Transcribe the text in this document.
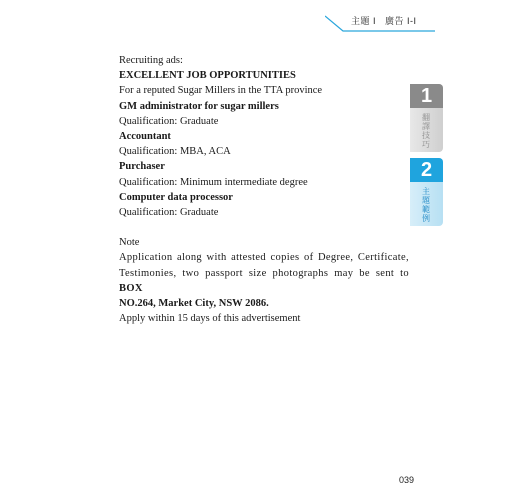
主題 I 廣告 I-I
Recruiting ads:
EXCELLENT JOB OPPORTUNITIES
For a reputed Sugar Millers in the TTA province
GM administrator for sugar millers
Qualification: Graduate
Accountant
Qualification: MBA, ACA
Purchaser
Qualification: Minimum intermediate degree
Computer data processor
Qualification: Graduate
Note
Application along with attested copies of Degree, Certificate,
Testimonies, two passport size photographs may be sent to BOX
NO.264, Market City, NSW 2086.
Apply within 15 days of this advertisement
1
翻譯技巧
2
主題範例
039
